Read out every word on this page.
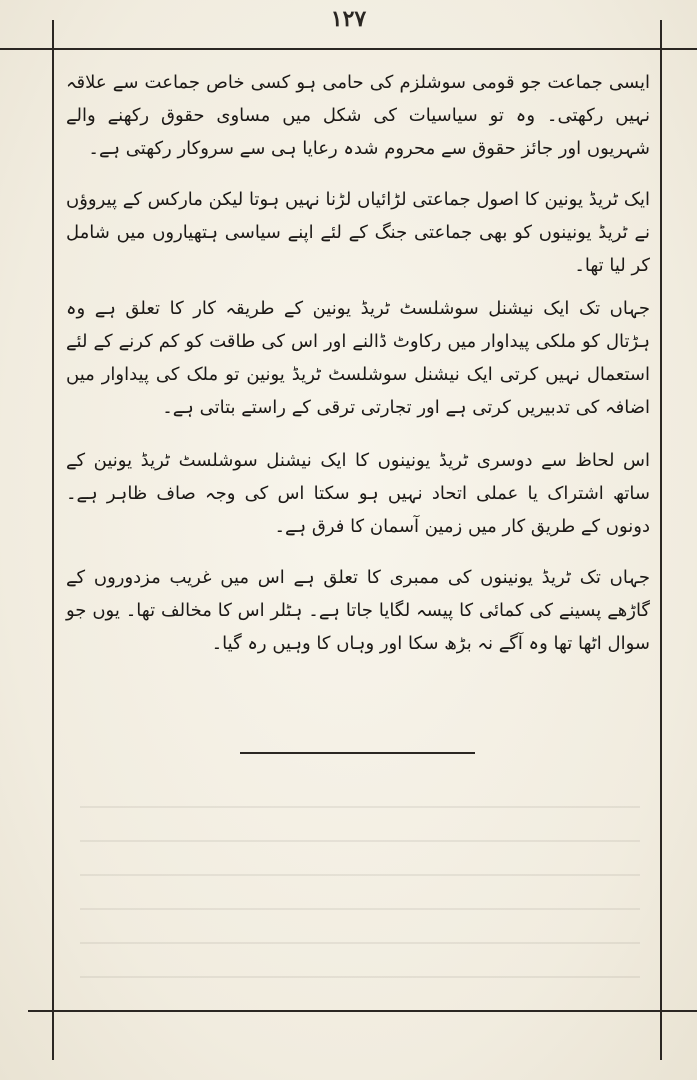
۱۲۷

ایسی جماعت جو قومی سوشلزم کی حامی ہو کسی خاص جماعت سے علاقہ نہیں رکھتی۔ وہ تو سیاسیات کی شکل میں مساوی حقوق رکھنے والے شہریوں اور جائز حقوق سے محروم شدہ رعایا ہی سے سروکار رکھتی ہے۔

ایک ٹریڈ یونین کا اصول جماعتی لڑائیاں لڑنا نہیں ہوتا لیکن مارکس کے پیروؤں نے ٹریڈ یونینوں کو بھی جماعتی جنگ کے لئے اپنے سیاسی ہتھیاروں میں شامل کر لیا تھا۔

جہاں تک ایک نیشنل سوشلسٹ ٹریڈ یونین کے طریقہ کار کا تعلق ہے وہ ہڑتال کو ملکی پیداوار میں رکاوٹ ڈالنے اور اس کی طاقت کو کم کرنے کے لئے استعمال نہیں کرتی ایک نیشنل سوشلسٹ ٹریڈ یونین تو ملک کی پیداوار میں اضافہ کی تدبیریں کرتی ہے اور تجارتی ترقی کے راستے بتاتی ہے۔

اس لحاظ سے دوسری ٹریڈ یونینوں کا ایک نیشنل سوشلسٹ ٹریڈ یونین کے ساتھ اشتراک یا عملی اتحاد نہیں ہو سکتا اس کی وجہ صاف ظاہر ہے۔ دونوں کے طریق کار میں زمین آسمان کا فرق ہے۔

جہاں تک ٹریڈ یونینوں کی ممبری کا تعلق ہے اس میں غریب مزدوروں کے گاڑھے پسینے کی کمائی کا پیسہ لگایا جاتا ہے۔ ہٹلر اس کا مخالف تھا۔ یوں جو سوال اٹھا تھا وہ آگے نہ بڑھ سکا اور وہاں کا وہیں رہ گیا۔
